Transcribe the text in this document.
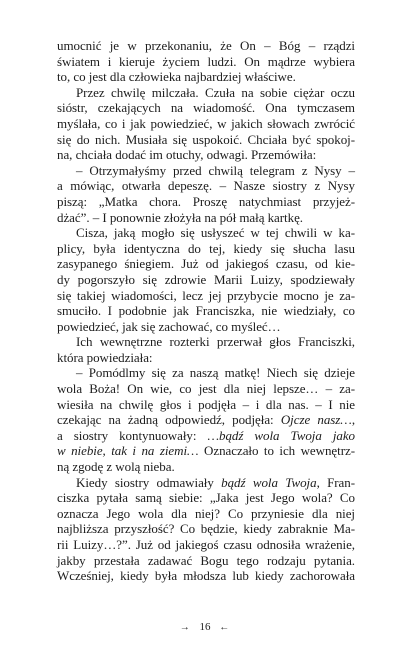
umocnić je w przekonaniu, że On – Bóg – rządzi
światem i kieruje życiem ludzi. On mądrze wybiera
to, co jest dla człowieka najbardziej właściwe.
Przez chwilę milczała. Czuła na sobie ciężar oczu
sióstr, czekających na wiadomość. Ona tymczasem
myślała, co i jak powiedzieć, w jakich słowach zwrócić
się do nich. Musiała się uspokoić. Chciała być spokoj-
na, chciała dodać im otuchy, odwagi. Przemówiła:
– Otrzymałyśmy przed chwilą telegram z Nysy –
a mówiąc, otwarła depeszę. – Nasze siostry z Nysy
piszą: „Matka chora. Proszę natychmiast przyjeż-
dżać”. – I ponownie złożyła na pół małą kartkę.
Cisza, jaką mogło się usłyszeć w tej chwili w ka-
plicy, była identyczna do tej, kiedy się słucha lasu
zasypanego śniegiem. Już od jakiegoś czasu, od kie-
dy pogorszyło się zdrowie Marii Luizy, spodziewały
się takiej wiadomości, lecz jej przybycie mocno je za-
smuciło. I podobnie jak Franciszka, nie wiedziały, co
powiedzieć, jak się zachować, co myśleć…
Ich wewnętrzne rozterki przerwał głos Franciszki,
która powiedziała:
– Pomódlmy się za naszą matkę! Niech się dzieje
wola Boża! On wie, co jest dla niej lepsze… – za-
wiesiła na chwilę głos i podjęła – i dla nas. – I nie
czekając na żadną odpowiedź, podjęła: Ojcze nasz…,
a siostry kontynuowały: …bądź wola Twoja jako
w niebie, tak i na ziemi… Oznaczało to ich wewnętrz-
ną zgodę z wolą nieba.
Kiedy siostry odmawiały bądź wola Twoja, Fran-
ciszka pytała samą siebie: „Jaka jest Jego wola? Co
oznacza Jego wola dla niej? Co przyniesie dla niej
najbliższa przyszłość? Co będzie, kiedy zabraknie Ma-
rii Luizy…?”. Już od jakiegoś czasu odnosiła wrażenie,
jakby przestała zadawać Bogu tego rodzaju pytania.
Wcześniej, kiedy była młodsza lub kiedy zachorowała
→ 16 ←
